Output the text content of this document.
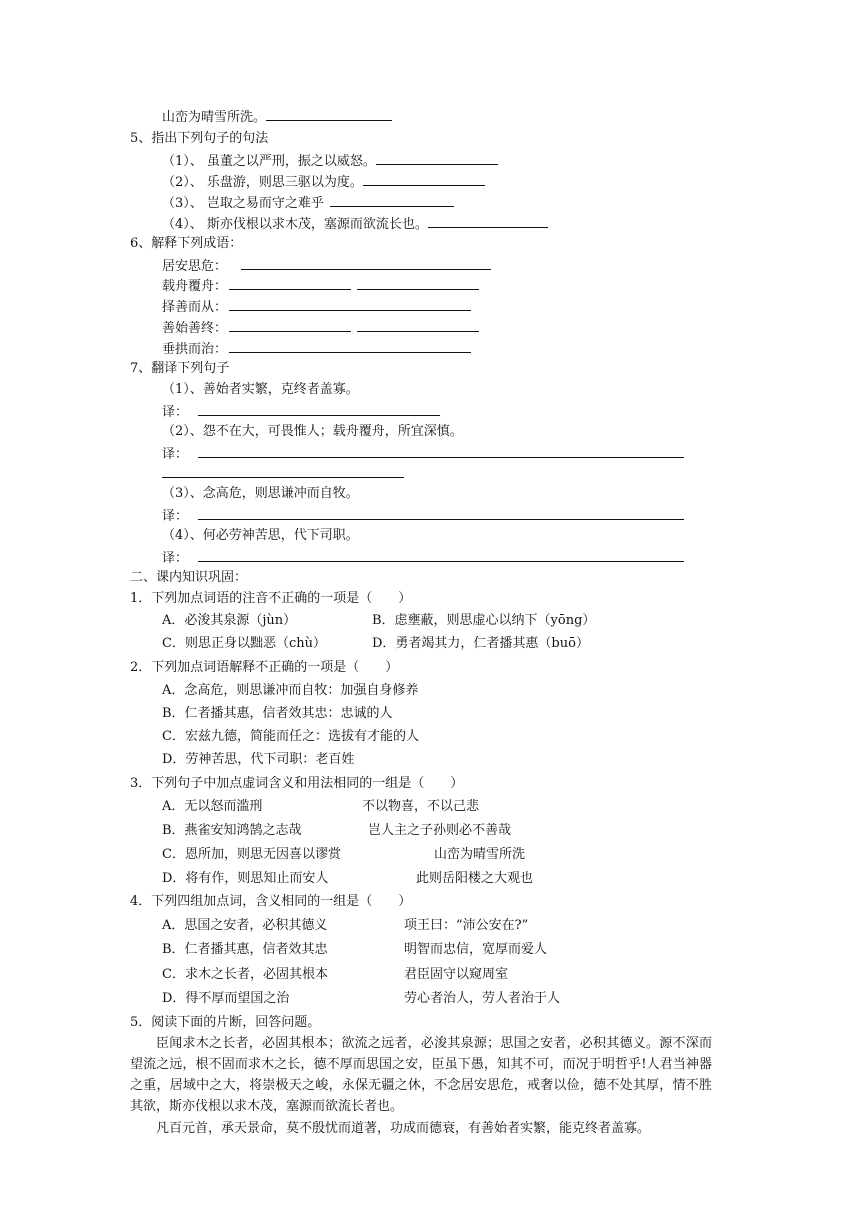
山峦为晴雪所洗。
5、指出下列句子的句法
（1）、 虽董之以严刑，振之以威怒。
（2）、 乐盘游，则思三驱以为度。
（3）、 岂取之易而守之难乎
（4）、 斯亦伐根以求木茂，塞源而欲流长也。
6、解释下列成语：
居安思危：
载舟覆舟：
择善而从：
善始善终：
垂拱而治：
7、翻译下列句子
（1）、善始者实繁，克终者盖寡。
译：
（2）、怨不在大，可畏惟人；载舟覆舟，所宜深慎。
译：
（3）、念高危，则思谦冲而自牧。
译：
（4）、何必劳神苦思，代下司职。
译：
二、课内知识巩固：
1．下列加点词语的注音不正确的一项是（　　）
A．必浚其泉源（jùn）	B．虑壅蔽，则思虚心以纳下（yōng）
C．则思正身以黜恶（chù）	D．勇者竭其力，仁者播其惠（buō）
2．下列加点词语解释不正确的一项是（　　）
A．念高危，则思谦冲而自牧：加强自身修养
B．仁者播其惠，信者效其忠：忠诚的人
C．宏兹九德，简能而任之：选拔有才能的人
D．劳神苦思，代下司职：老百姓
3．下列句子中加点虚词含义和用法相同的一组是（　　）
A．无以怒而滥刑	不以物喜，不以己悲
B．燕雀安知鸿鹄之志哉	岂人主之子孙则必不善哉
C．恩所加，则思无因喜以谬赏	山峦为晴雪所洗
D．将有作，则思知止而安人	此则岳阳楼之大观也
4．下列四组加点词，含义相同的一组是（　　）
A．思国之安者，必积其德义	项王曰：“沛公安在?”
B．仁者播其惠，信者效其忠	明智而忠信，宽厚而爱人
C．求木之长者，必固其根本	君臣固守以窥周室
D．得不厚而望国之治	劳心者治人，劳人者治于人
5．阅读下面的片断，回答问题。
臣闻求木之长者，必固其根本；欲流之远者，必浚其泉源；思国之安者，必积其德义。源不深而望流之远，根不固而求木之长，德不厚而思国之安，臣虽下愚，知其不可，而况于明哲乎!人君当神器之重，居域中之大，将崇极天之峻，永保无疆之休，不念居安思危，戒奢以俭，德不处其厚，情不胜其欲，斯亦伐根以求木茂，塞源而欲流长者也。
凡百元首，承天景命，莫不殷忧而道著，功成而德衰，有善始者实繁，能克终者盖寡。
